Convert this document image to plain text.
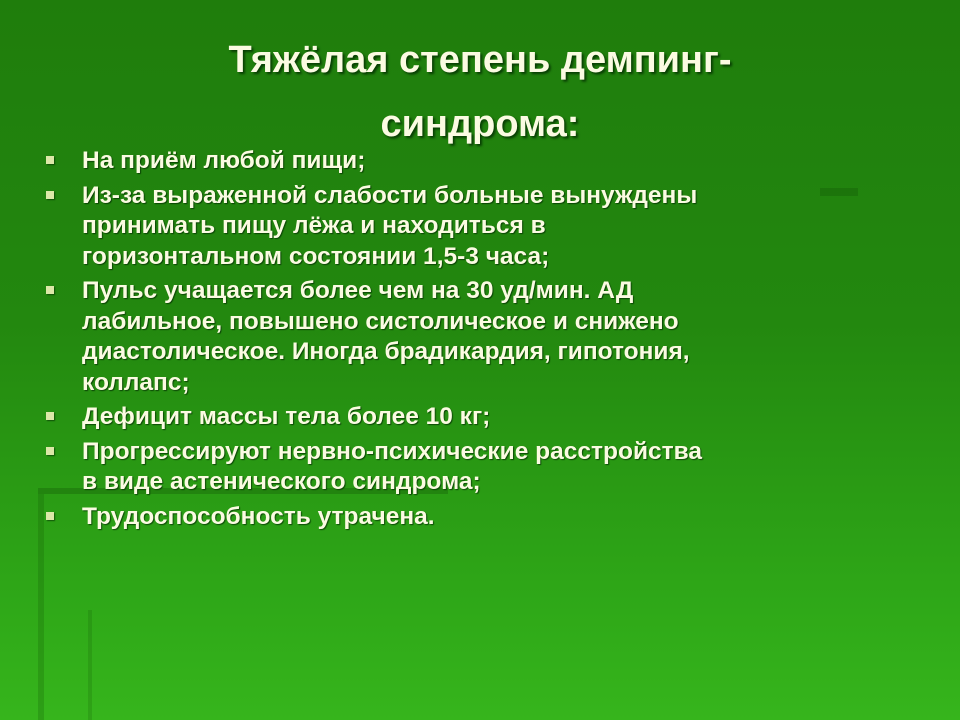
Тяжёлая степень демпинг-
синдрома:
На приём любой пищи;
Из-за выраженной слабости больные вынуждены
принимать пищу лёжа и находиться в
горизонтальном состоянии 1,5-3 часа;
Пульс учащается более чем на 30 уд/мин. АД
лабильное, повышено систолическое и снижено
диастолическое. Иногда брадикардия, гипотония,
коллапс;
Дефицит массы тела более 10 кг;
Прогрессируют нервно-психические расстройства
в виде астенического синдрома;
Трудоспособность утрачена.
